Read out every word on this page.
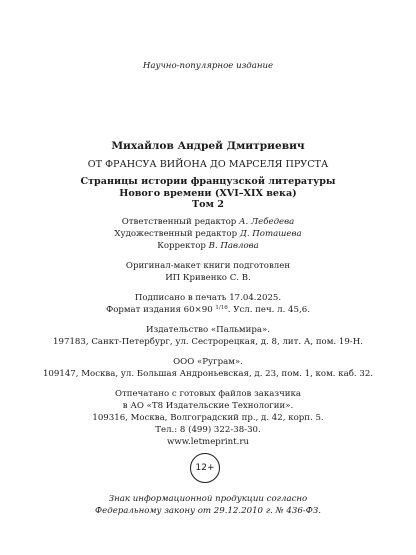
Научно-популярное издание
Михайлов Андрей Дмитриевич
ОТ ФРАНСУА ВИЙОНА ДО МАРСЕЛЯ ПРУСТА
Страницы истории французской литературы
Нового времени (XVI–XIX века)
Том 2
Ответственный редактор А. Лебедева
Художественный редактор Д. Поташева
Корректор В. Павлова
Оригинал-макет книги подготовлен
ИП Кривенко С. В.
Подписано в печать 17.04.2025.
Формат издания 60×90 $^{1/16}$. Усл. печ. л. 45,6.
Издательство «Пальмира».
197183, Санкт-Петербург, ул. Сестрорецкая, д. 8, лит. А, пом. 19-Н.
ООО «Руграм».
109147, Москва, ул. Большая Андроньевская, д. 23, пом. 1, ком. каб. 32.
Отпечатано с готовых файлов заказчика
в АО «Т8 Издательские Технологии».
109316, Москва, Волгоградский пр., д. 42, корп. 5.
Тел.: 8 (499) 322-38-30.
www.letmeprint.ru
12+
Знак информационной продукции согласно
Федеральному закону от 29.12.2010 г. № 436-ФЗ.
